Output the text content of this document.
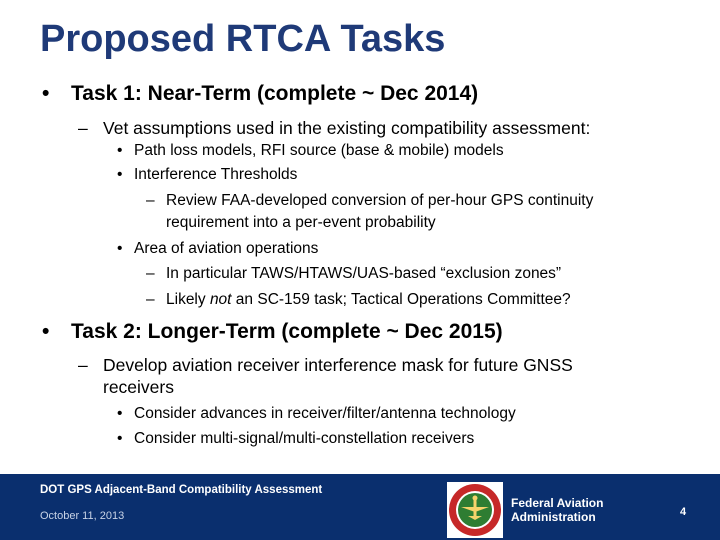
Proposed RTCA Tasks
• Task 1: Near-Term (complete ~ Dec 2014)
– Vet assumptions used in the existing compatibility assessment:
• Path loss models, RFI source (base & mobile) models
• Interference Thresholds
– Review FAA-developed conversion of per-hour GPS continuity
requirement into a per-event probability
• Area of aviation operations
– In particular TAWS/HTAWS/UAS-based “exclusion zones”
– Likely not an SC-159 task; Tactical Operations Committee?
• Task 2: Longer-Term (complete ~ Dec 2015)
– Develop aviation receiver interference mask for future GNSS
receivers
• Consider advances in receiver/filter/antenna technology
• Consider multi-signal/multi-constellation receivers
DOT GPS Adjacent-Band Compatibility Assessment
October 11, 2013
Federal Aviation
Administration	4
